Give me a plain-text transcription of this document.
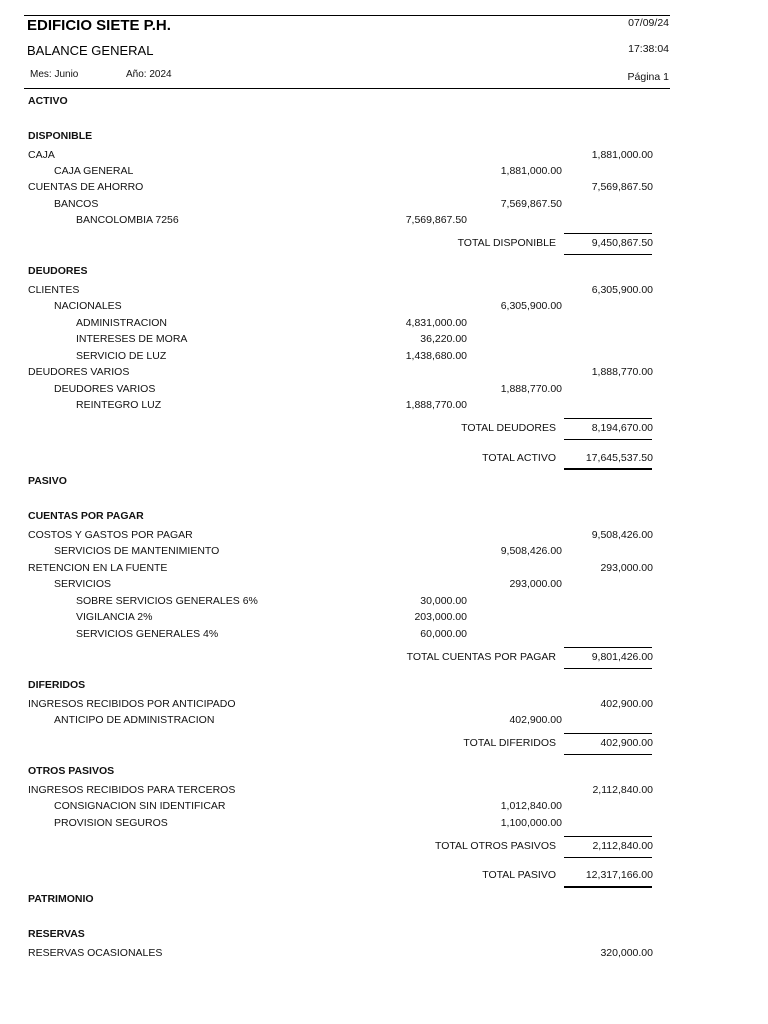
EDIFICIO SIETE P.H.	07/09/24
BALANCE GENERAL	17:38:04
Mes: Junio	Año: 2024	Página 1
ACTIVO
DISPONIBLE
CAJA	1,881,000.00
CAJA GENERAL	1,881,000.00
CUENTAS DE AHORRO	7,569,867.50
BANCOS	7,569,867.50
BANCOLOMBIA 7256	7,569,867.50
TOTAL DISPONIBLE	9,450,867.50
DEUDORES
CLIENTES	6,305,900.00
NACIONALES	6,305,900.00
ADMINISTRACION	4,831,000.00
INTERESES DE MORA	36,220.00
SERVICIO DE LUZ	1,438,680.00
DEUDORES VARIOS	1,888,770.00
DEUDORES VARIOS	1,888,770.00
REINTEGRO LUZ	1,888,770.00
TOTAL DEUDORES	8,194,670.00
TOTAL ACTIVO	17,645,537.50
PASIVO
CUENTAS POR PAGAR
COSTOS Y GASTOS POR PAGAR	9,508,426.00
SERVICIOS DE MANTENIMIENTO	9,508,426.00
RETENCION EN LA FUENTE	293,000.00
SERVICIOS	293,000.00
SOBRE SERVICIOS GENERALES 6%	30,000.00
VIGILANCIA 2%	203,000.00
SERVICIOS GENERALES 4%	60,000.00
TOTAL CUENTAS POR PAGAR	9,801,426.00
DIFERIDOS
INGRESOS RECIBIDOS POR ANTICIPADO	402,900.00
ANTICIPO DE ADMINISTRACION	402,900.00
TOTAL DIFERIDOS	402,900.00
OTROS PASIVOS
INGRESOS RECIBIDOS PARA TERCEROS	2,112,840.00
CONSIGNACION SIN IDENTIFICAR	1,012,840.00
PROVISION SEGUROS	1,100,000.00
TOTAL OTROS PASIVOS	2,112,840.00
TOTAL PASIVO	12,317,166.00
PATRIMONIO
RESERVAS
RESERVAS OCASIONALES	320,000.00
